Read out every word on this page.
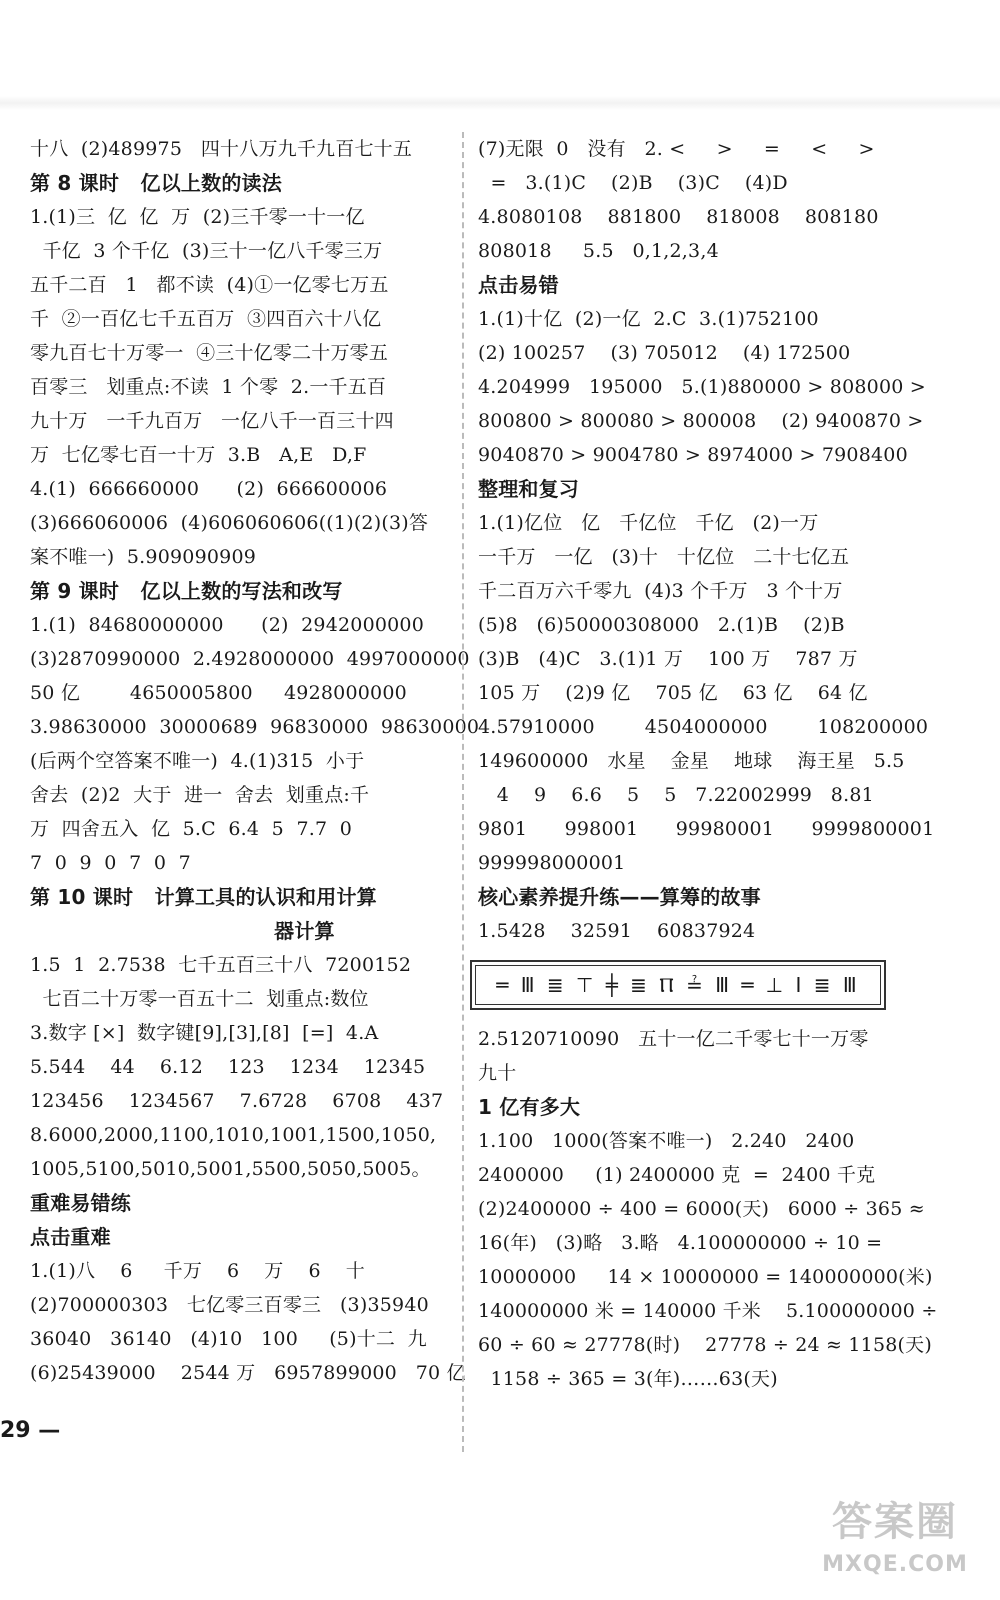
十八  (2)489975   四十八万九千九百七十五
第 8 课时   亿以上数的读法
1.(1)三  亿  亿  万  (2)三千零一十一亿
千亿  3 个千亿  (3)三十一亿八千零三万
五千二百   1   都不读  (4)①一亿零七万五
千  ②一百亿七千五百万  ③四百六十八亿
零九百七十万零一  ④三十亿零二十万零五
百零三   划重点:不读  1 个零  2.一千五百
九十万   一千九百万   一亿八千一百三十四
万  七亿零七百一十万  3.B   A,E   D,F
4.(1)  666660000      (2)  666600006
(3)666060006  (4)606060606((1)(2)(3)答
案不唯一)  5.909090909
第 9 课时   亿以上数的写法和改写
1.(1)  84680000000      (2)  2942000000
(3)2870990000  2.4928000000  4997000000
50 亿        4650005800     4928000000
3.98630000  30000689  96830000  98630000
(后两个空答案不唯一)  4.(1)315  小于
舍去  (2)2  大于  进一  舍去  划重点:千
万  四舍五入  亿  5.C  6.4  5  7.7  0
7  0  9  0  7  0  7
第 10 课时   计算工具的认识和用计算
器计算
1.5  1  2.7538  七千五百三十八  7200152
七百二十万零一百五十二  划重点:数位
3.数字 [×]  数字键[9],[3],[8]  [=]  4.A
5.544    44    6.12    123    1234    12345
123456    1234567    7.6728    6708    437
8.6000,2000,1100,1010,1001,1500,1050,
1005,5100,5010,5001,5500,5050,5005。
重难易错练
点击重难
1.(1)八    6     千万    6    万    6    十
(2)700000303   七亿零三百零三   (3)35940
36040   36140   (4)10   100     (5)十二  九
(6)25439000    2544 万   6957899000   70 亿
(7)无限  0   没有   2. <     >     =     <     >
=   3.(1)C    (2)B    (3)C    (4)D
4.8080108    881800    818008    808180
808018     5.5   0,1,2,3,4
点击易错
1.(1)十亿  (2)一亿  2.C  3.(1)752100
(2) 100257    (3) 705012    (4) 172500
4.204999   195000   5.(1)880000 > 808000 >
800800 > 800080 > 800008    (2) 9400870 >
9040870 > 9004780 > 8974000 > 7908400
整理和复习
1.(1)亿位   亿   千亿位   千亿   (2)一万
一千万   一亿   (3)十   十亿位   二十七亿五
千二百万六千零九  (4)3 个千万   3 个十万
(5)8   (6)50000308000   2.(1)B    (2)B
(3)B   (4)C   3.(1)1 万    100 万    787 万
105 万    (2)9 亿    705 亿    63 亿    64 亿
4.57910000        4504000000        108200000
149600000   水星    金星    地球    海王星   5.5
4    9    6.6    5    5   7.22002999   8.81
9801      998001      99980001      9999800001
999998000001
核心素养提升练——算筹的故事
1.5428    32591    60837924
═ Ⅲ ≣ ⊤ ╪ ≣ Ⲡ ≟ Ⅲ ═ ⊥ Ⅰ ≣ Ⅲ
2.5120710090   五十一亿二千零七十一万零
九十
1 亿有多大
1.100   1000(答案不唯一)   2.240   2400
2400000     (1) 2400000 克  =  2400 千克
(2)2400000 ÷ 400 = 6000(天)   6000 ÷ 365 ≈
16(年)   (3)略   3.略   4.100000000 ÷ 10 =
10000000     14 × 10000000 = 140000000(米)
140000000 米 = 140000 千米    5.100000000 ÷
60 ÷ 60 ≈ 27778(时)    27778 ÷ 24 ≈ 1158(天)
1158 ÷ 365 = 3(年)……63(天)
29 —
答案圈
MXQE.COM
